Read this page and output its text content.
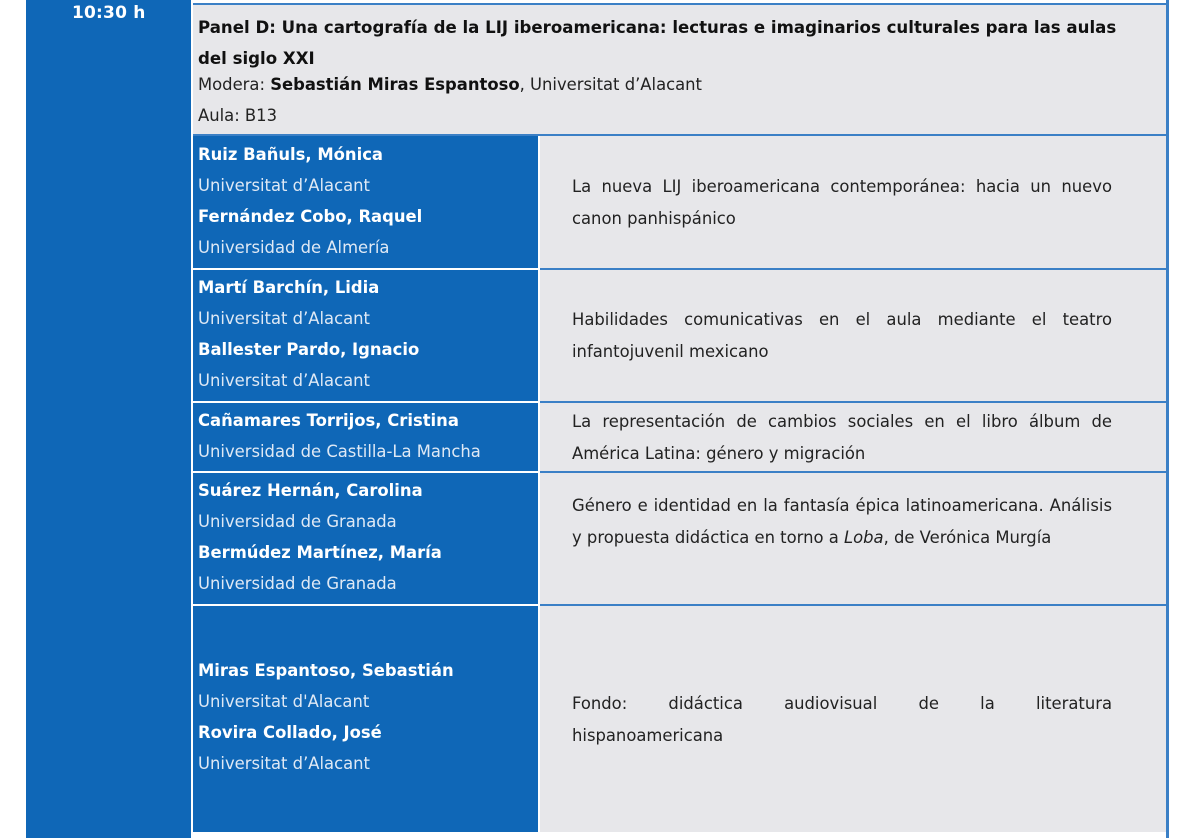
10:30 h
Panel D: Una cartografía de la LIJ iberoamericana: lecturas e imaginarios culturales para las aulas del siglo XXI
Modera: Sebastián Miras Espantoso, Universitat d’Alacant
Aula: B13
Ruiz Bañuls, Mónica
Universitat d’Alacant
Fernández Cobo, Raquel
Universidad de Almería
La nueva LIJ iberoamericana contemporánea: hacia un nuevo canon panhispánico
Martí Barchín, Lidia
Universitat d’Alacant
Ballester Pardo, Ignacio
Universitat d’Alacant
Habilidades comunicativas en el aula mediante el teatro infantojuvenil mexicano
Cañamares Torrijos, Cristina
Universidad de Castilla-La Mancha
La representación de cambios sociales en el libro álbum de América Latina: género y migración
Suárez Hernán, Carolina
Universidad de Granada
Bermúdez Martínez, María
Universidad de Granada
Género e identidad en la fantasía épica latinoamericana. Análisis y propuesta didáctica en torno a Loba, de Verónica Murgía
Miras Espantoso, Sebastián
Universitat d'Alacant
Rovira Collado, José
Universitat d’Alacant
Fondo: didáctica audiovisual de la literatura
hispanoamericana
